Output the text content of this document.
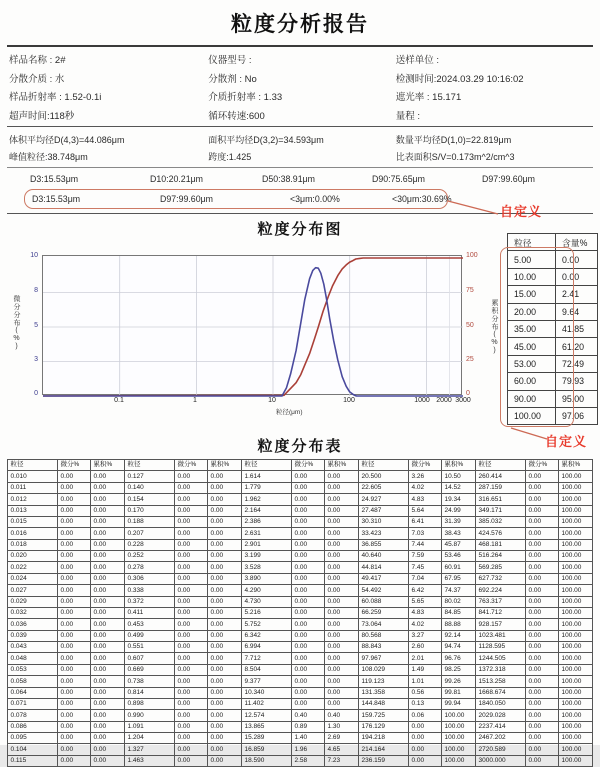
粒度分析报告
样品名称 : 2#	仪器型号 :	送样单位 :
分散介质 : 水	分散剂 : No	检测时间:2024.03.29 10:16:02
样品折射率 : 1.52-0.1i	介质折射率 : 1.33	遮光率 : 15.171
超声时间:118秒	循环转速:600	量程 :
体积平均径D(4,3)=44.086μm	面积平均径D(3,2)=34.593μm	数量平均径D(1,0)=22.819μm
峰值粒径:38.748μm	跨度:1.425	比表面积S/V=0.173m^2/cm^3
D3:15.53μm	D10:20.21μm	D50:38.91μm	D90:75.65μm	D97:99.60μm
D3:15.53μm	D97:99.60μm	<3μm:0.00%	<30μm:30.69%
自定义
粒度分布图
微分分布(%)	累积分布(%)
10
8
5
3
0
100
75
50
25
0
0.1	1	10	100	1000 2000 3000
粒径(μm)
粒径	含量%
5.00	0.00
10.00	0.00
15.00	2.41
20.00	9.64
35.00	41.85
45.00	61.20
53.00	72.49
60.00	79.93
90.00	95.00
100.00	97.06
自定义
粒度分布表
粒径	微分%	累积%	粒径	微分%	累积%	粒径	微分%	累积%	粒径	微分%	累积%	粒径	微分%	累积%
0.010	0.00	0.00	0.127	0.00	0.00	1.614	0.00	0.00	20.500	3.26	10.50	260.414	0.00	100.00
0.011	0.00	0.00	0.140	0.00	0.00	1.779	0.00	0.00	22.605	4.02	14.52	287.159	0.00	100.00
0.012	0.00	0.00	0.154	0.00	0.00	1.962	0.00	0.00	24.927	4.83	19.34	316.651	0.00	100.00
0.013	0.00	0.00	0.170	0.00	0.00	2.164	0.00	0.00	27.487	5.64	24.99	349.171	0.00	100.00
0.015	0.00	0.00	0.188	0.00	0.00	2.386	0.00	0.00	30.310	6.41	31.39	385.032	0.00	100.00
0.016	0.00	0.00	0.207	0.00	0.00	2.631	0.00	0.00	33.423	7.03	38.43	424.576	0.00	100.00
0.018	0.00	0.00	0.228	0.00	0.00	2.901	0.00	0.00	36.855	7.44	45.87	468.181	0.00	100.00
0.020	0.00	0.00	0.252	0.00	0.00	3.199	0.00	0.00	40.640	7.59	53.46	516.264	0.00	100.00
0.022	0.00	0.00	0.278	0.00	0.00	3.528	0.00	0.00	44.814	7.45	60.91	569.285	0.00	100.00
0.024	0.00	0.00	0.306	0.00	0.00	3.890	0.00	0.00	49.417	7.04	67.95	627.732	0.00	100.00
0.027	0.00	0.00	0.338	0.00	0.00	4.290	0.00	0.00	54.492	6.42	74.37	692.224	0.00	100.00
0.029	0.00	0.00	0.372	0.00	0.00	4.730	0.00	0.00	60.088	5.65	80.02	763.317	0.00	100.00
0.032	0.00	0.00	0.411	0.00	0.00	5.216	0.00	0.00	66.259	4.83	84.85	841.712	0.00	100.00
0.036	0.00	0.00	0.453	0.00	0.00	5.752	0.00	0.00	73.064	4.02	88.88	928.157	0.00	100.00
0.039	0.00	0.00	0.499	0.00	0.00	6.342	0.00	0.00	80.568	3.27	92.14	1023.481	0.00	100.00
0.043	0.00	0.00	0.551	0.00	0.00	6.994	0.00	0.00	88.843	2.60	94.74	1128.595	0.00	100.00
0.048	0.00	0.00	0.607	0.00	0.00	7.712	0.00	0.00	97.967	2.01	96.76	1244.505	0.00	100.00
0.053	0.00	0.00	0.669	0.00	0.00	8.504	0.00	0.00	108.029	1.49	98.25	1372.318	0.00	100.00
0.058	0.00	0.00	0.738	0.00	0.00	9.377	0.00	0.00	119.123	1.01	99.26	1513.258	0.00	100.00
0.064	0.00	0.00	0.814	0.00	0.00	10.340	0.00	0.00	131.358	0.56	99.81	1668.674	0.00	100.00
0.071	0.00	0.00	0.898	0.00	0.00	11.402	0.00	0.00	144.848	0.13	99.94	1840.050	0.00	100.00
0.078	0.00	0.00	0.990	0.00	0.00	12.574	0.40	0.40	159.725	0.06	100.00	2029.028	0.00	100.00
0.086	0.00	0.00	1.091	0.00	0.00	13.865	0.89	1.30	176.129	0.00	100.00	2237.414	0.00	100.00
0.095	0.00	0.00	1.204	0.00	0.00	15.289	1.40	2.69	194.218	0.00	100.00	2467.202	0.00	100.00
0.104	0.00	0.00	1.327	0.00	0.00	16.859	1.96	4.65	214.164	0.00	100.00	2720.589	0.00	100.00
0.115	0.00	0.00	1.463	0.00	0.00	18.590	2.58	7.23	236.159	0.00	100.00	3000.000	0.00	100.00
